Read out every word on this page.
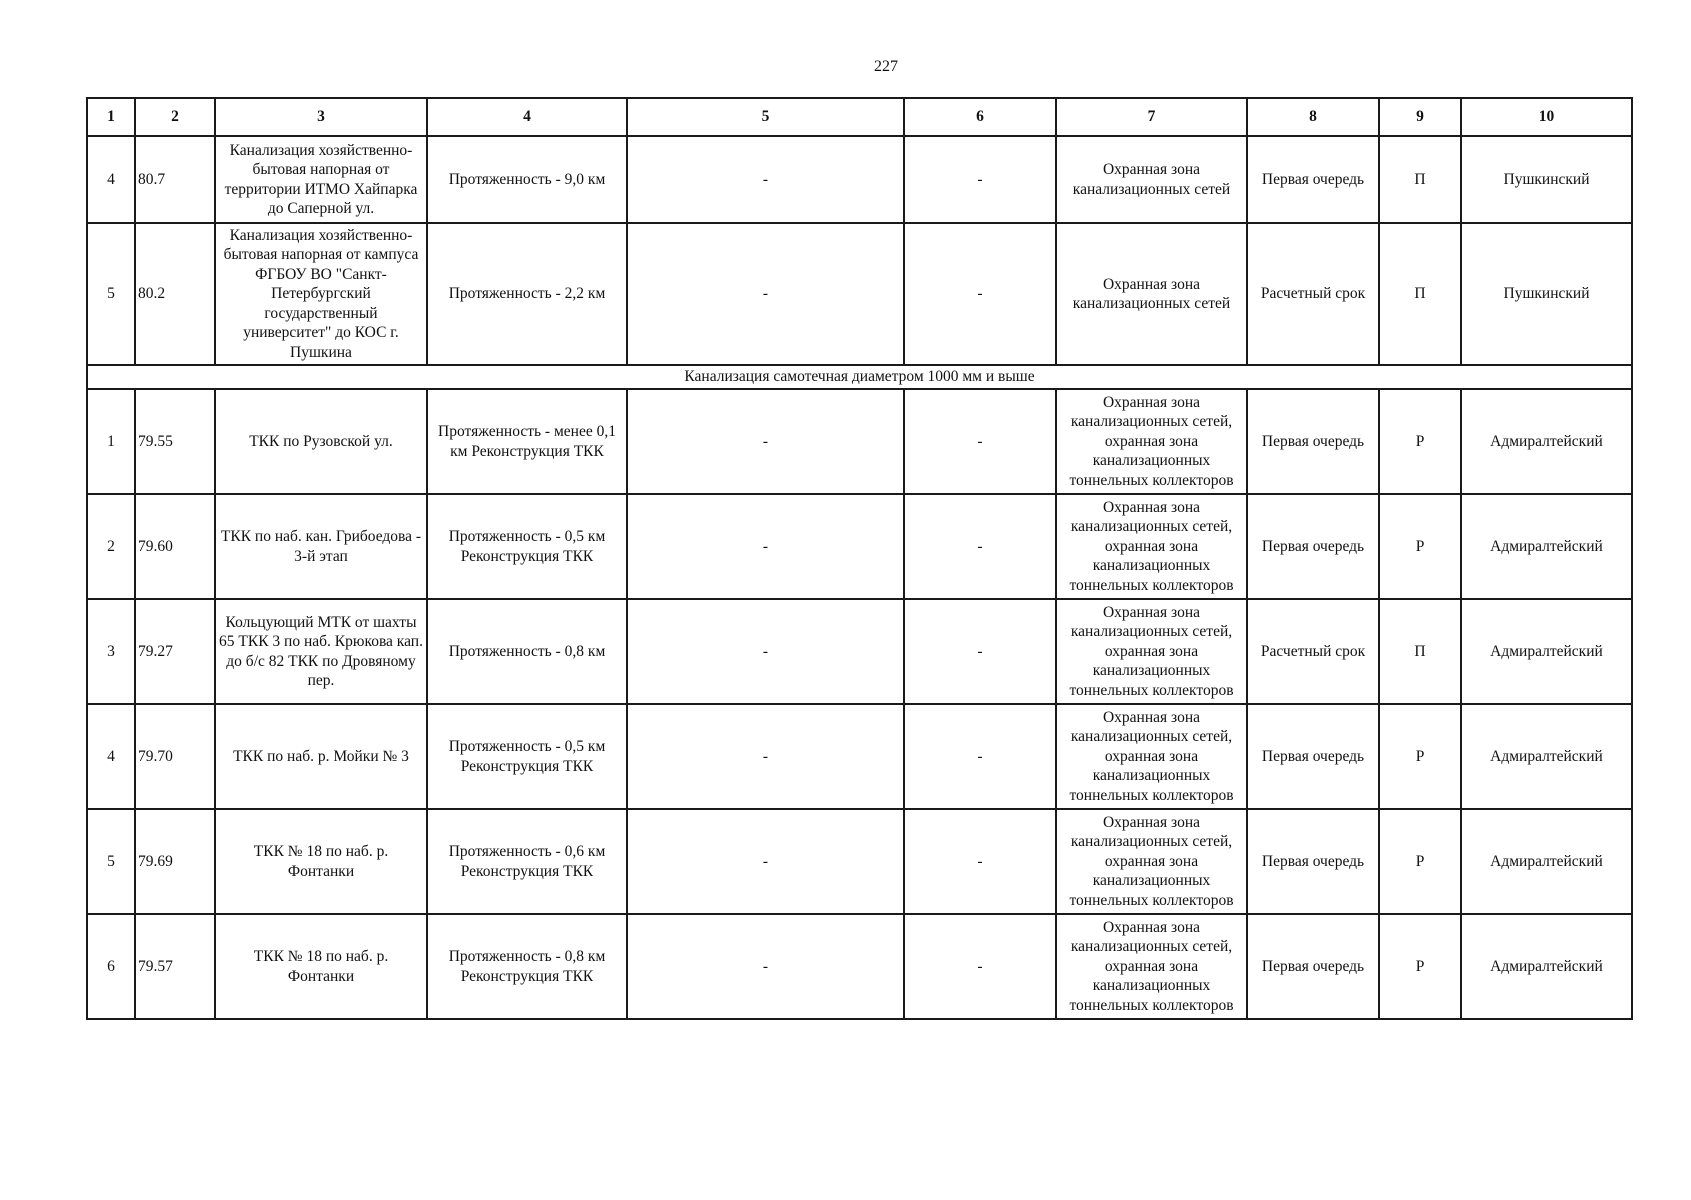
227
1	2	3	4	5	6	7	8	9	10
4	80.7	Канализация хозяйственно-бытовая напорная от территории ИТМО Хайпарка до Саперной ул.	Протяженность - 9,0 км	-	-	Охранная зона канализационных сетей	Первая очередь	П	Пушкинский
5	80.2	Канализация хозяйственно-бытовая напорная от кампуса ФГБОУ ВО "Санкт-Петербургский государственный университет" до КОС г. Пушкина	Протяженность - 2,2 км	-	-	Охранная зона канализационных сетей	Расчетный срок	П	Пушкинский
Канализация самотечная диаметром 1000 мм и выше									
1	79.55	ТКК по Рузовской ул.	Протяженность - менее 0,1 км Реконструкция ТКК	-	-	Охранная зона канализационных сетей, охранная зона канализационных тоннельных коллекторов	Первая очередь	Р	Адмиралтейский
2	79.60	ТКК по наб. кан. Грибоедова - 3-й этап	Протяженность - 0,5 км Реконструкция ТКК	-	-	Охранная зона канализационных сетей, охранная зона канализационных тоннельных коллекторов	Первая очередь	Р	Адмиралтейский
3	79.27	Кольцующий МТК от шахты 65 ТКК 3 по наб. Крюкова кап. до б/с 82 ТКК по Дровяному пер.	Протяженность - 0,8 км	-	-	Охранная зона канализационных сетей, охранная зона канализационных тоннельных коллекторов	Расчетный срок	П	Адмиралтейский
4	79.70	ТКК по наб. р. Мойки № 3	Протяженность - 0,5 км Реконструкция ТКК	-	-	Охранная зона канализационных сетей, охранная зона канализационных тоннельных коллекторов	Первая очередь	Р	Адмиралтейский
5	79.69	ТКК № 18 по наб. р. Фонтанки	Протяженность - 0,6 км Реконструкция ТКК	-	-	Охранная зона канализационных сетей, охранная зона канализационных тоннельных коллекторов	Первая очередь	Р	Адмиралтейский
6	79.57	ТКК № 18 по наб. р. Фонтанки	Протяженность - 0,8 км Реконструкция ТКК	-	-	Охранная зона канализационных сетей, охранная зона канализационных тоннельных коллекторов	Первая очередь	Р	Адмиралтейский
